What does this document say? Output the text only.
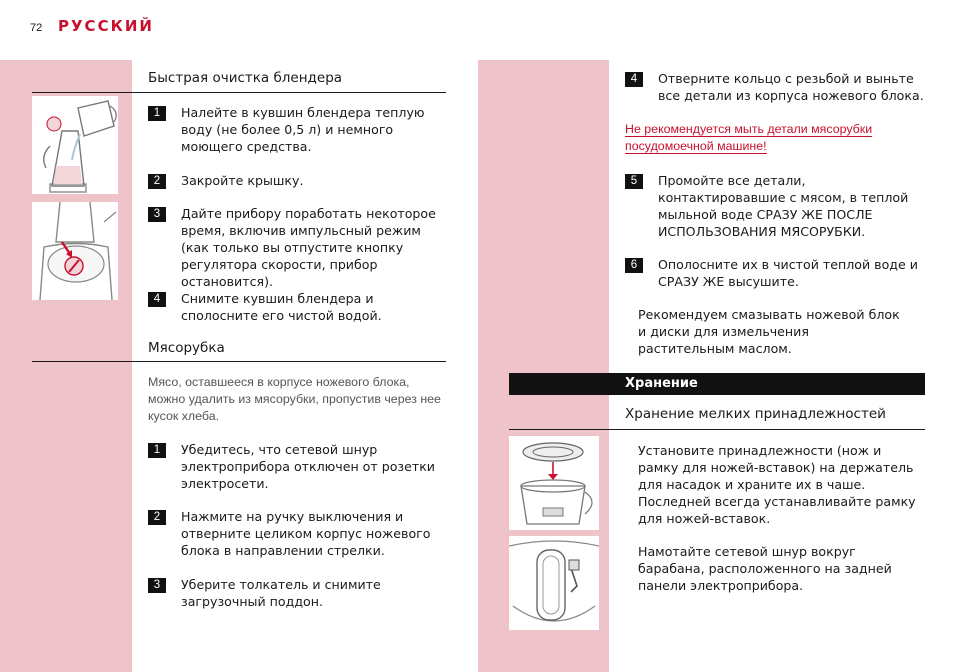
72 РУССКИЙ
Быстрая очистка блендера
1	Налейте в кувшин блендера теплую воду (не более 0,5 л) и немного моющего средства.
2	Закройте крышку.
3	Дайте прибору поработать некоторое время, включив импульсный режим (как только вы отпустите кнопку регулятора скорости, прибор остановится).
4	Снимите кувшин блендера и сполосните его чистой водой.
Мясорубка
Мясо, оставшееся в корпусе ножевого блока, можно удалить из мясорубки, пропустив через нее кусок хлеба.
1	Убедитесь, что сетевой шнур электроприбора отключен от розетки электросети.
2	Нажмите на ручку выключения и отверните целиком корпус ножевого блока в направлении стрелки.
3	Уберите толкатель и снимите загрузочный поддон.
4	Отверните кольцо с резьбой и выньте все детали из корпуса ножевого блока.
Не рекомендуется мыть детали мясорубки посудомоечной машине!
5	Промойте все детали, контактировавшие с мясом, в теплой мыльной воде СРАЗУ ЖЕ ПОСЛЕ ИСПОЛЬЗОВАНИЯ МЯСОРУБКИ.
6	Ополосните их в чистой теплой воде и СРАЗУ ЖЕ высушите.
Рекомендуем смазывать ножевой блок и диски для измельчения растительным маслом.
Хранение
Хранение мелких принадлежностей
Установите принадлежности (нож и рамку для ножей-вставок) на держатель для насадок и храните их в чаше. Последней всегда устанавливайте рамку для ножей-вставок.
Намотайте сетевой шнур вокруг барабана, расположенного на задней панели электроприбора.
